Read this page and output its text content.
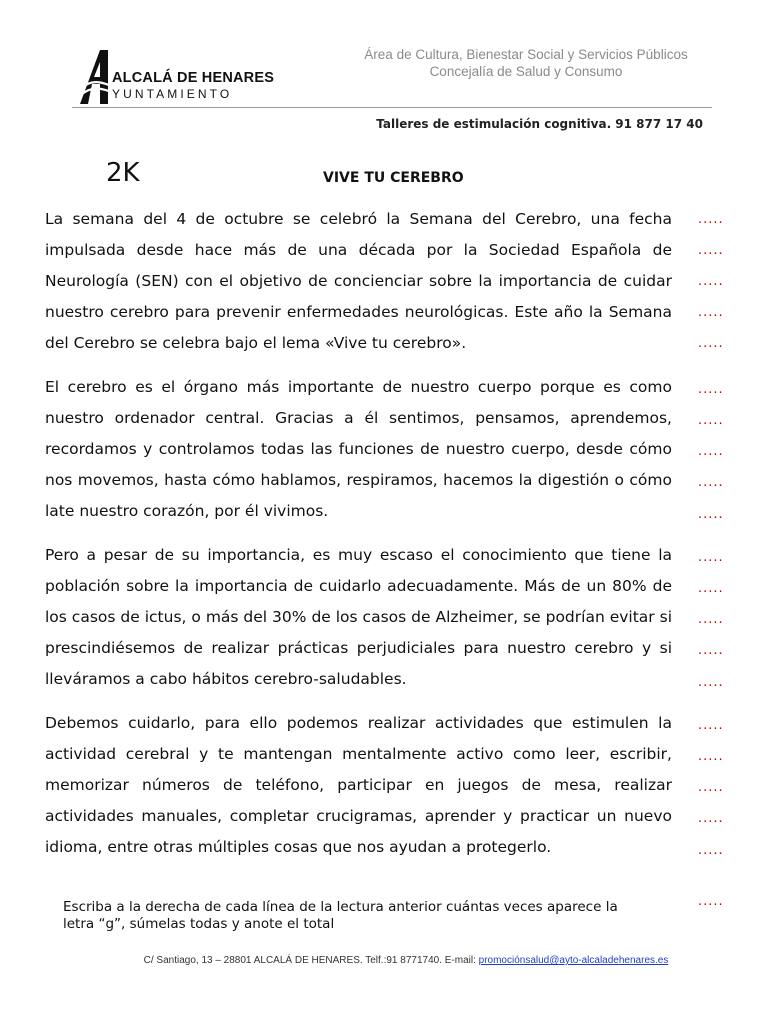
ALCALÁ DE HENARES
YUNTAMIENTO
Área de Cultura, Bienestar Social y Servicios Públicos
Concejalía de Salud y Consumo
Talleres de estimulación cognitiva. 91 877 17 40
2K	VIVE TU CEREBRO

La semana del 4 de octubre se celebró la Semana del Cerebro, una fecha impulsada desde hace más de una década por la Sociedad Española de Neurología (SEN) con el objetivo de concienciar sobre la importancia de cuidar nuestro cerebro para prevenir enfermedades neurológicas. Este año la Semana del Cerebro se celebra bajo el lema «Vive tu cerebro».

El cerebro es el órgano más importante de nuestro cuerpo porque es como nuestro ordenador central. Gracias a él sentimos, pensamos, aprendemos, recordamos y controlamos todas las funciones de nuestro cuerpo, desde cómo nos movemos, hasta cómo hablamos, respiramos, hacemos la digestión o cómo late nuestro corazón, por él vivimos.

Pero a pesar de su importancia, es muy escaso el conocimiento que tiene la población sobre la importancia de cuidarlo adecuadamente. Más de un 80% de los casos de ictus, o más del 30% de los casos de Alzheimer, se podrían evitar si prescindiésemos de realizar prácticas perjudiciales para nuestro cerebro y si lleváramos a cabo hábitos cerebro-saludables.

Debemos cuidarlo, para ello podemos realizar actividades que estimulen la actividad cerebral y te mantengan mentalmente activo como leer, escribir, memorizar números de teléfono, participar en juegos de mesa, realizar actividades manuales, completar crucigramas, aprender y practicar un nuevo idioma, entre otras múltiples cosas que nos ayudan a protegerlo.

.....
.....
.....
.....
.....
.....
.....
.....
.....
.....
.....
.....
.....
.....
.....
.....
.....
.....
.....
.....
.....
Escriba a la derecha de cada línea de la lectura anterior cuántas veces aparece la letra “g”, súmelas todas y anote el total
C/ Santiago, 13 – 28801 ALCALÁ DE HENARES. Telf.:91 8771740. E-mail: promociónsalud@ayto-alcaladehenares.es
